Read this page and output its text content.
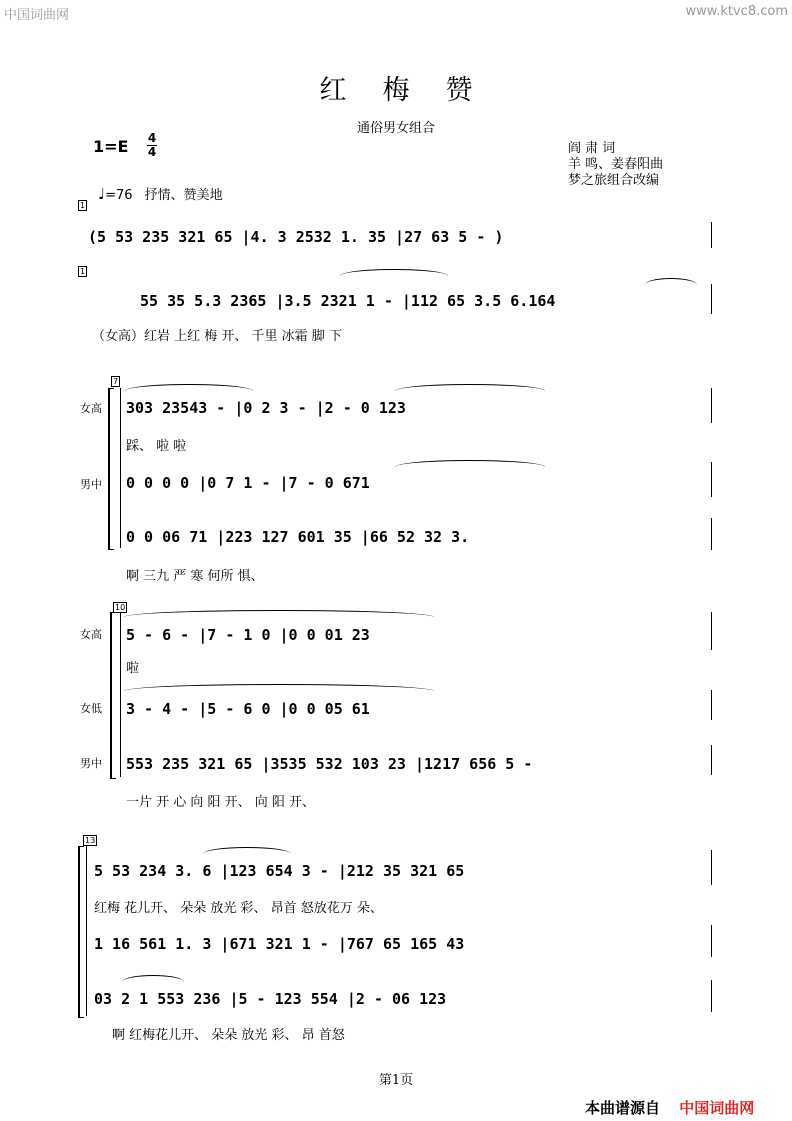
中国词曲网	www.ktvc8.com
红梅赞
通俗男女组合
1=E 4
4	阎 肃 词
羊 鸣、姜春阳曲
梦之旅组合改编
1
♩=76 抒情、赞美地
(5 53 235 321 65 |4. 3 2532 1. 35 |27 63 5 - )
1
55 35 5.3 2365 |3.5 2321 1 - |112 65 3.5 6.164
（女高）红岩 上红 梅 开、 千里 冰霜 脚 下
7
女高
男中
303 23543 - |0 2 3 - |2 - 0 123
踩、 啦 啦
0 0 0 0 |0 7 1 - |7 - 0 671
0 0 06 71 |223 127 601 35 |66 52 32 3.
啊 三九 严 寒 何所 惧、
10
女高
女低
男中
5 - 6 - |7 - 1 0 |0 0 01 23
啦
3 - 4 - |5 - 6 0 |0 0 05 61
553 235 321 65 |3535 532 103 23 |1217 656 5 -
一片 开 心 向 阳 开、 向 阳 开、
13
5 53 234 3. 6 |123 654 3 - |212 35 321 65
红梅 花儿开、 朵朵 放光 彩、 昂首 怒放花万 朵、
1 16 561 1. 3 |671 321 1 - |767 65 165 43
03 2 1 553 236 |5 - 123 554 |2 - 06 123
啊 红梅花儿开、 朵朵 放光 彩、 昂 首怒
第1页
本曲谱源自 中国词曲网
